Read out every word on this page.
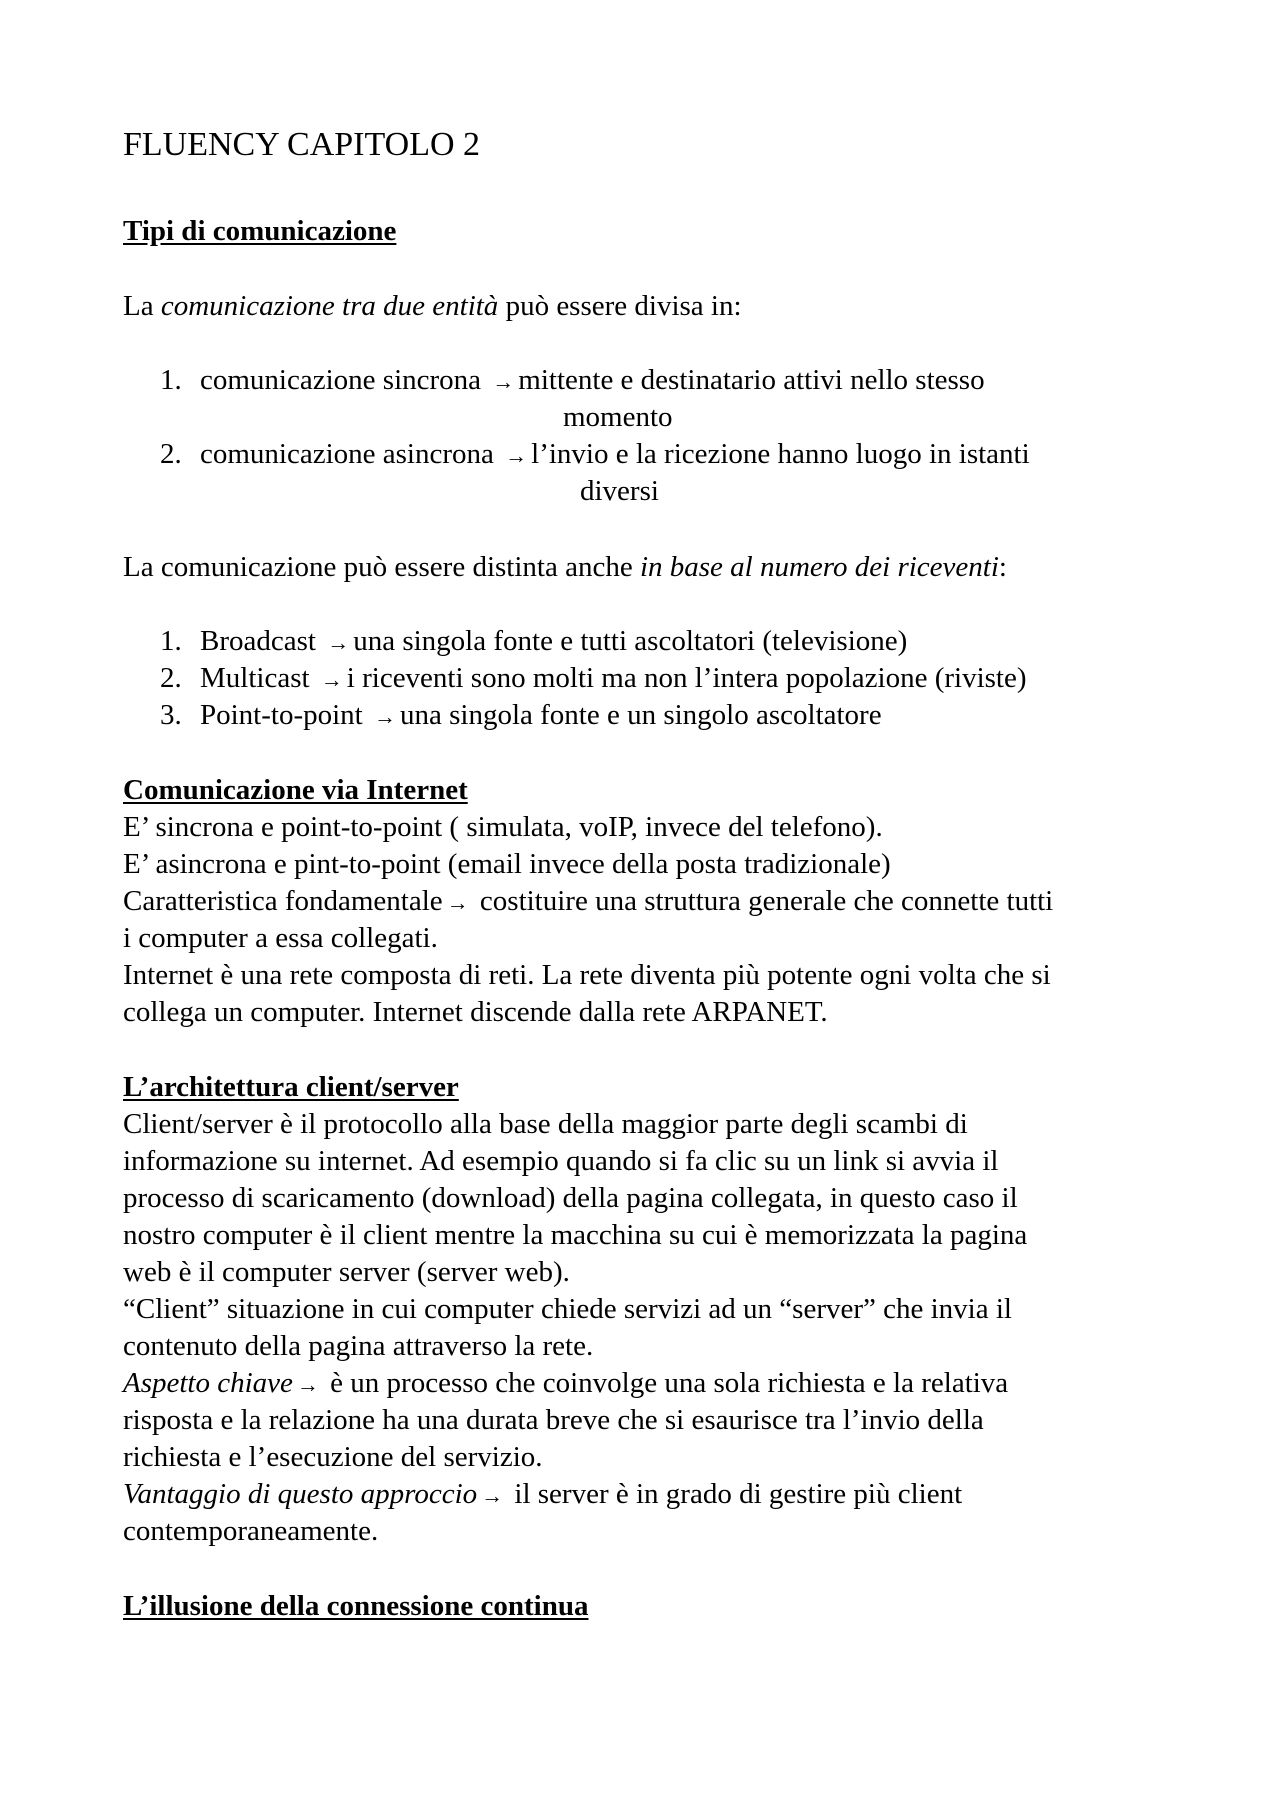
FLUENCY CAPITOLO 2

Tipi di comunicazione

La comunicazione tra due entità può essere divisa in:

1. comunicazione sincrona → mittente e destinatario attivi nello stesso

momento
2. comunicazione asincrona → l’invio e la ricezione hanno luogo in istanti

diversi

La comunicazione può essere distinta anche in base al numero dei riceventi:

1. Broadcast → una singola fonte e tutti ascoltatori (televisione)

2. Multicast → i riceventi sono molti ma non l’intera popolazione (riviste)

3. Point-to-point → una singola fonte e un singolo ascoltatore

Comunicazione via Internet

E’ sincrona e point-to-point ( simulata, voIP, invece del telefono).

E’ asincrona e pint-to-point (email invece della posta tradizionale)

Caratteristica fondamentale → costituire una struttura generale che connette tutti

i computer a essa collegati.

Internet è una rete composta di reti. La rete diventa più potente ogni volta che si

collega un computer. Internet discende dalla rete ARPANET.

L’architettura client/server

Client/server è il protocollo alla base della maggior parte degli scambi di

informazione su internet. Ad esempio quando si fa clic su un link si avvia il

processo di scaricamento (download) della pagina collegata, in questo caso il

nostro computer è il client mentre la macchina su cui è memorizzata la pagina

web è il computer server (server web).

“Client” situazione in cui computer chiede servizi ad un “server” che invia il

contenuto della pagina attraverso la rete.

Aspetto chiave → è un processo che coinvolge una sola richiesta e la relativa

risposta e la relazione ha una durata breve che si esaurisce tra l’invio della

richiesta e l’esecuzione del servizio.

Vantaggio di questo approccio → il server è in grado di gestire più client

contemporaneamente.

L’illusione della connessione continua
